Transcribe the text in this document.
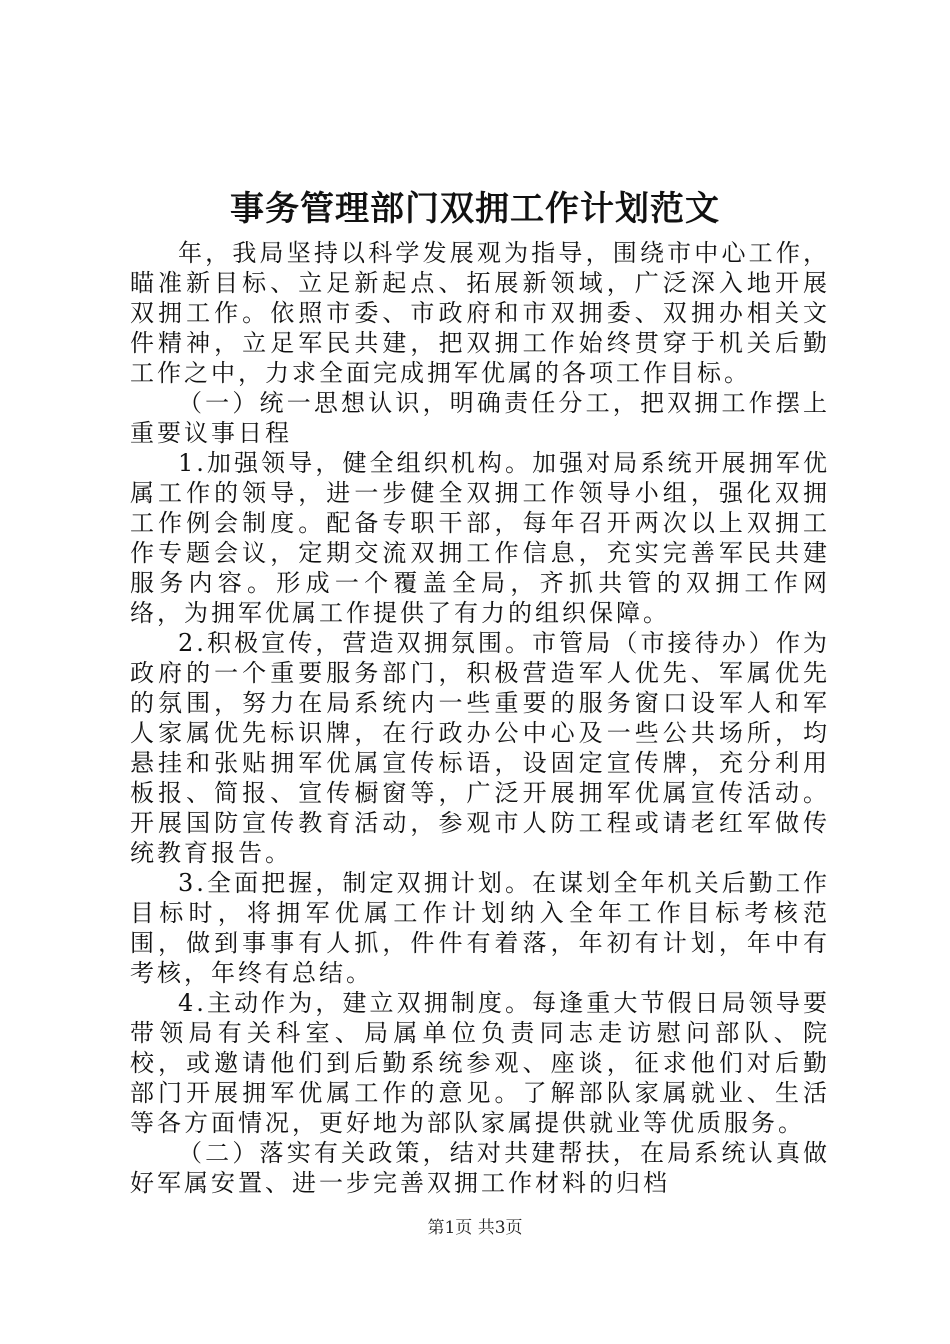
事务管理部门双拥工作计划范文

年，我局坚持以科学发展观为指导，围绕市中心工作，瞄准新目标、立足新起点、拓展新领域，广泛深入地开展双拥工作。依照市委、市政府和市双拥委、双拥办相关文件精神，立足军民共建，把双拥工作始终贯穿于机关后勤工作之中，力求全面完成拥军优属的各项工作目标。

（一）统一思想认识，明确责任分工，把双拥工作摆上重要议事日程

1.加强领导，健全组织机构。加强对局系统开展拥军优属工作的领导，进一步健全双拥工作领导小组，强化双拥工作例会制度。配备专职干部，每年召开两次以上双拥工作专题会议，定期交流双拥工作信息，充实完善军民共建服务内容。形成一个覆盖全局，齐抓共管的双拥工作网络，为拥军优属工作提供了有力的组织保障。

2.积极宣传，营造双拥氛围。市管局（市接待办）作为政府的一个重要服务部门，积极营造军人优先、军属优先的氛围，努力在局系统内一些重要的服务窗口设军人和军人家属优先标识牌，在行政办公中心及一些公共场所，均悬挂和张贴拥军优属宣传标语，设固定宣传牌，充分利用板报、简报、宣传橱窗等，广泛开展拥军优属宣传活动。开展国防宣传教育活动，参观市人防工程或请老红军做传统教育报告。

3.全面把握，制定双拥计划。在谋划全年机关后勤工作目标时，将拥军优属工作计划纳入全年工作目标考核范围，做到事事有人抓，件件有着落，年初有计划，年中有考核，年终有总结。

4.主动作为，建立双拥制度。每逢重大节假日局领导要带领局有关科室、局属单位负责同志走访慰问部队、院校，或邀请他们到后勤系统参观、座谈，征求他们对后勤部门开展拥军优属工作的意见。了解部队家属就业、生活等各方面情况，更好地为部队家属提供就业等优质服务。

（二）落实有关政策，结对共建帮扶，在局系统认真做好军属安置、进一步完善双拥工作材料的归档

第1页 共3页
